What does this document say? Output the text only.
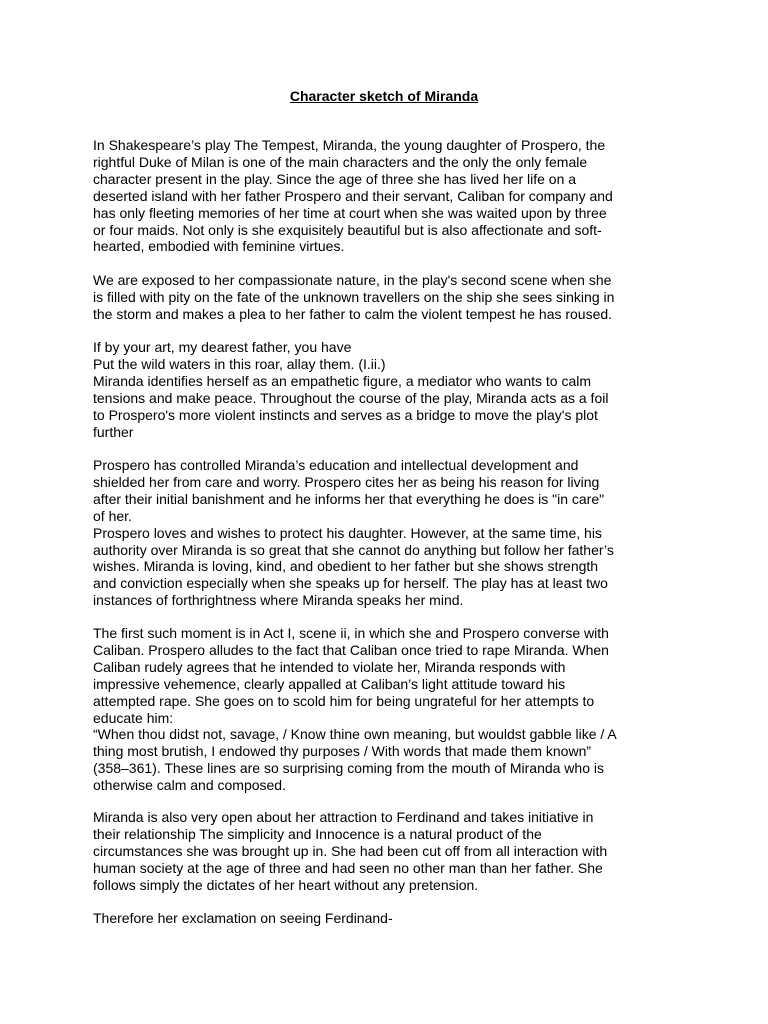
Character sketch of Miranda

In Shakespeare’s play The Tempest, Miranda, the young daughter of Prospero, the
rightful Duke of Milan is one of the main characters and the only the only female
character present in the play. Since the age of three she has lived her life on a
deserted island with her father Prospero and their servant, Caliban for company and
has only fleeting memories of her time at court when she was waited upon by three
or four maids. Not only is she exquisitely beautiful but is also affectionate and soft-
hearted, embodied with feminine virtues.

We are exposed to her compassionate nature, in the play's second scene when she
is filled with pity on the fate of the unknown travellers on the ship she sees sinking in
the storm and makes a plea to her father to calm the violent tempest he has roused.

If by your art, my dearest father, you have
Put the wild waters in this roar, allay them. (I.ii.)
Miranda identifies herself as an empathetic figure, a mediator who wants to calm
tensions and make peace. Throughout the course of the play, Miranda acts as a foil
to Prospero's more violent instincts and serves as a bridge to move the play's plot
further

Prospero has controlled Miranda’s education and intellectual development and
shielded her from care and worry. Prospero cites her as being his reason for living
after their initial banishment and he informs her that everything he does is "in care"
of her.
Prospero loves and wishes to protect his daughter. However, at the same time, his
authority over Miranda is so great that she cannot do anything but follow her father’s
wishes. Miranda is loving, kind, and obedient to her father but she shows strength
and conviction especially when she speaks up for herself. The play has at least two
instances of forthrightness where Miranda speaks her mind.

The first such moment is in Act I, scene ii, in which she and Prospero converse with
Caliban. Prospero alludes to the fact that Caliban once tried to rape Miranda. When
Caliban rudely agrees that he intended to violate her, Miranda responds with
impressive vehemence, clearly appalled at Caliban’s light attitude toward his
attempted rape. She goes on to scold him for being ungrateful for her attempts to
educate him:
“When thou didst not, savage, / Know thine own meaning, but wouldst gabble like / A
thing most brutish, I endowed thy purposes / With words that made them known”
(358–361). These lines are so surprising coming from the mouth of Miranda who is
otherwise calm and composed.

Miranda is also very open about her attraction to Ferdinand and takes initiative in
their relationship The simplicity and Innocence is a natural product of the
circumstances she was brought up in. She had been cut off from all interaction with
human society at the age of three and had seen no other man than her father. She
follows simply the dictates of her heart without any pretension.

Therefore her exclamation on seeing Ferdinand-
